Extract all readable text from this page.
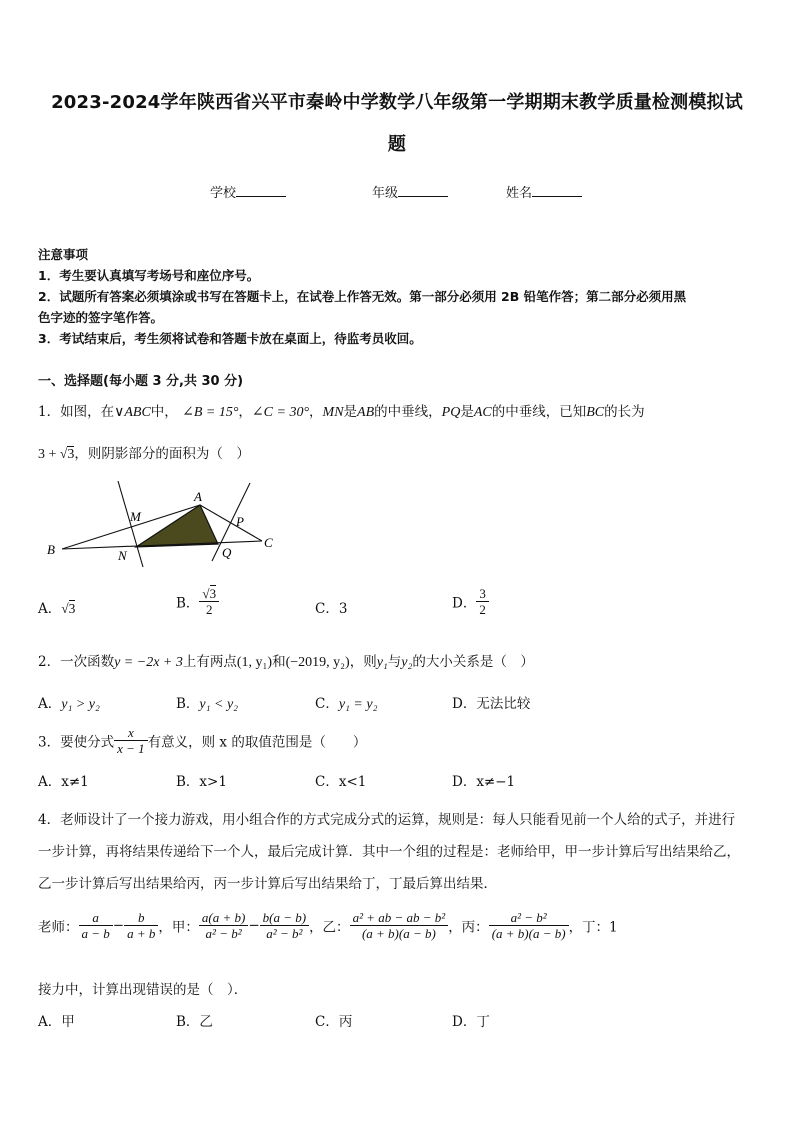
2023-2024学年陕西省兴平市秦岭中学数学八年级第一学期期末教学质量检测模拟试
题
学校	年级	姓名
注意事项
1．考生要认真填写考场号和座位序号。
2．试题所有答案必须填涂或书写在答题卡上，在试卷上作答无效。第一部分必须用 2B 铅笔作答；第二部分必须用黑
色字迹的签字笔作答。
3．考试结束后，考生须将试卷和答题卡放在桌面上，待监考员收回。
一、选择题(每小题 3 分,共 30 分)
1．如图，在∨ABC中， ∠B = 15°，∠C = 30°，MN是AB的中垂线，PQ是AC的中垂线，已知BC的长为
3 + √3，则阴影部分的面积为（　）
A
M	P
B	N	Q
C
A．√3	B． $\frac{√3}{2}$	C．3	D． $\frac{3}{2}$
2．一次函数y = −2x + 3上有两点(1, y₁)和(−2019, y₂)，则y₁与y₂的大小关系是（　）
A．y₁ > y₂	B．y₁ < y₂	C．y₁ = y₂	D．无法比较
3．要使分式 $\frac{x}{x - 1}$ 有意义，则 x 的取值范围是（　　）
A．x≠1	B．x>1	C．x<1	D．x≠−1
4．老师设计了一个接力游戏，用小组合作的方式完成分式的运算，规则是：每人只能看见前一个人给的式子，并进行
一步计算，再将结果传递给下一个人，最后完成计算．其中一个组的过程是：老师给甲，甲一步计算后写出结果给乙，
乙一步计算后写出结果给丙，丙一步计算后写出结果给丁，丁最后算出结果．
老师： $\frac{a}{a - b} - \frac{b}{a + b}$ ，甲： $\frac{a(a + b)}{\text{a² − b²}} - \frac{b(a - b)}{\text{a² − b²}}$ ，乙： $\frac{\text{a² + ab − ab − b²}}{(a + b)(a - b)}$ ，丙： $\frac{\text{a² − b²}}{(a + b)(a - b)}$ ，丁：1
接力中，计算出现错误的是（　）．
A．甲	B．乙	C．丙	D．丁
